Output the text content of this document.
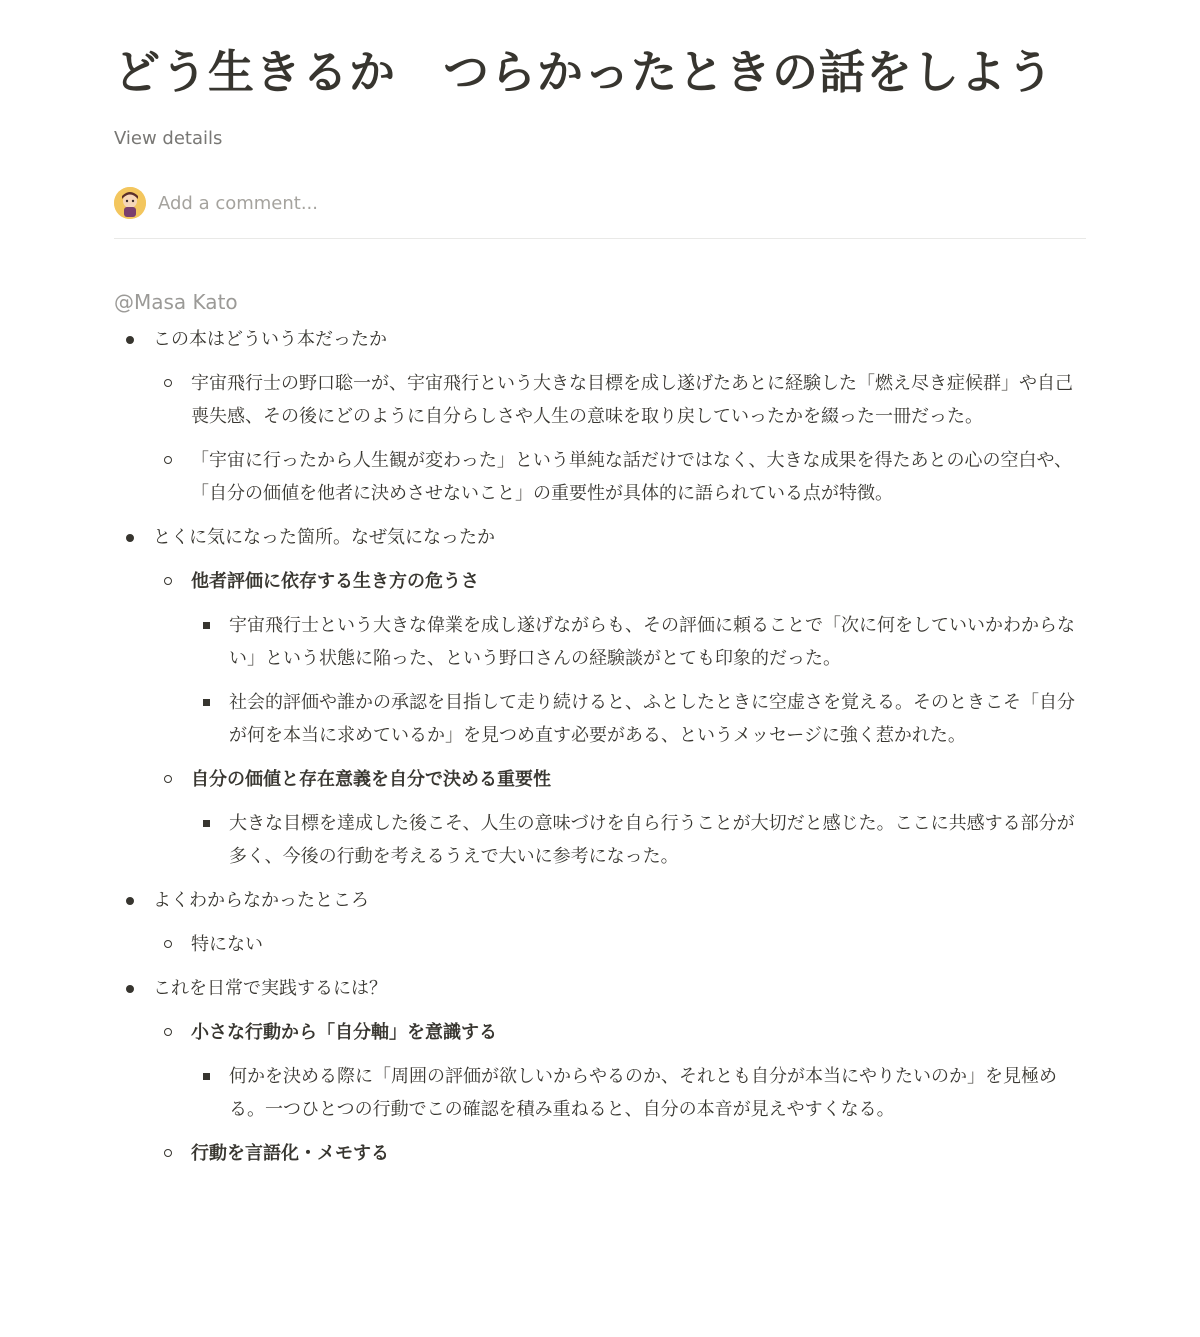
どう生きるか　つらかったときの話をしよう
View details
Add a comment...
@Masa Kato
この本はどういう本だったか
宇宙飛行士の野口聡一が、宇宙飛行という大きな目標を成し遂げたあとに経験した「燃え尽き症候群」や自己喪失感、その後にどのように自分らしさや人生の意味を取り戻していったかを綴った一冊だった。
「宇宙に行ったから人生観が変わった」という単純な話だけではなく、大きな成果を得たあとの心の空白や、「自分の価値を他者に決めさせないこと」の重要性が具体的に語られている点が特徴。
とくに気になった箇所。なぜ気になったか
他者評価に依存する生き方の危うさ
宇宙飛行士という大きな偉業を成し遂げながらも、その評価に頼ることで「次に何をしていいかわからない」という状態に陥った、という野口さんの経験談がとても印象的だった。
社会的評価や誰かの承認を目指して走り続けると、ふとしたときに空虚さを覚える。そのときこそ「自分が何を本当に求めているか」を見つめ直す必要がある、というメッセージに強く惹かれた。
自分の価値と存在意義を自分で決める重要性
大きな目標を達成した後こそ、人生の意味づけを自ら行うことが大切だと感じた。ここに共感する部分が多く、今後の行動を考えるうえで大いに参考になった。
よくわからなかったところ
特にない
これを日常で実践するには？
小さな行動から「自分軸」を意識する
何かを決める際に「周囲の評価が欲しいからやるのか、それとも自分が本当にやりたいのか」を見極める。一つひとつの行動でこの確認を積み重ねると、自分の本音が見えやすくなる。
行動を言語化・メモする
